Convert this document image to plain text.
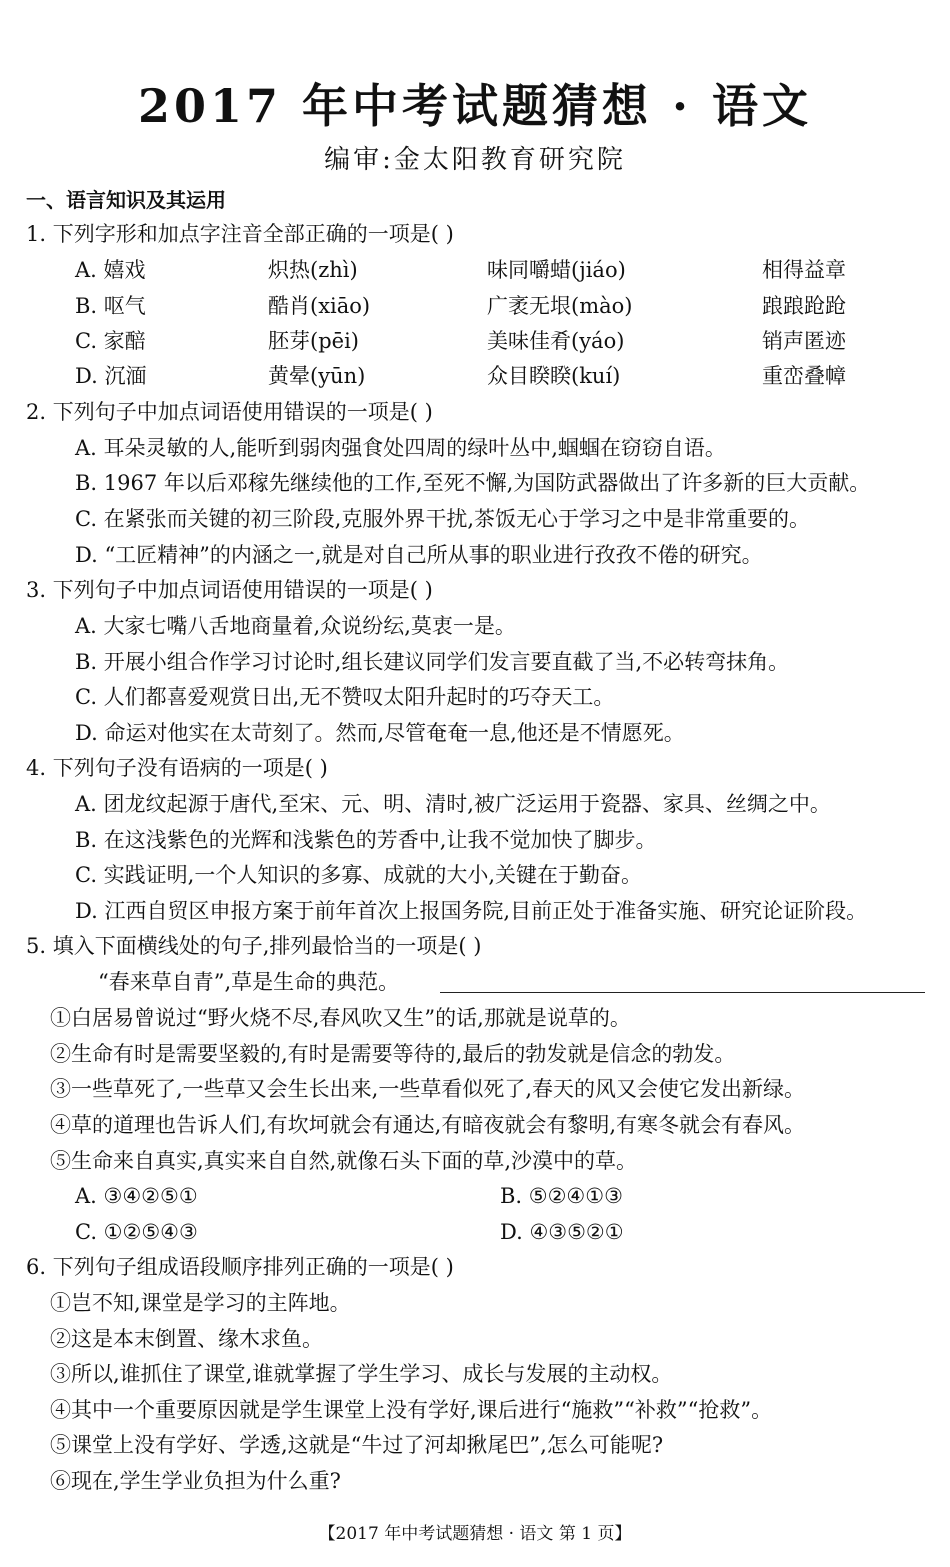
2017 年中考试题猜想 · 语文
编审:金太阳教育研究院
一、语言知识及其运用
1. 下列字形和加点字注音全部正确的一项是( )
A. 嬉戏	炽热(zhì)	味同嚼蜡(jiáo)	相得益章
B. 呕气	酷肖(xiāo)	广袤无垠(mào)	踉踉跄跄
C. 家醅	胚芽(pēi)	美味佳肴(yáo)	销声匿迹
D. 沉湎	黄晕(yūn)	众目睽睽(kuí)	重峦叠幛
2. 下列句子中加点词语使用错误的一项是( )
A. 耳朵灵敏的人,能听到弱肉强食处四周的绿叶丛中,蝈蝈在窃窃自语。
B. 1967 年以后邓稼先继续他的工作,至死不懈,为国防武器做出了许多新的巨大贡献。
C. 在紧张而关键的初三阶段,克服外界干扰,茶饭无心于学习之中是非常重要的。
D. “工匠精神”的内涵之一,就是对自己所从事的职业进行孜孜不倦的研究。
3. 下列句子中加点词语使用错误的一项是( )
A. 大家七嘴八舌地商量着,众说纷纭,莫衷一是。
B. 开展小组合作学习讨论时,组长建议同学们发言要直截了当,不必转弯抹角。
C. 人们都喜爱观赏日出,无不赞叹太阳升起时的巧夺天工。
D. 命运对他实在太苛刻了。然而,尽管奄奄一息,他还是不情愿死。
4. 下列句子没有语病的一项是( )
A. 团龙纹起源于唐代,至宋、元、明、清时,被广泛运用于瓷器、家具、丝绸之中。
B. 在这浅紫色的光辉和浅紫色的芳香中,让我不觉加快了脚步。
C. 实践证明,一个人知识的多寡、成就的大小,关键在于勤奋。
D. 江西自贸区申报方案于前年首次上报国务院,目前正处于准备实施、研究论证阶段。
5. 填入下面横线处的句子,排列最恰当的一项是( )
“春来草自青”,草是生命的典范。
①白居易曾说过“野火烧不尽,春风吹又生”的话,那就是说草的。
②生命有时是需要坚毅的,有时是需要等待的,最后的勃发就是信念的勃发。
③一些草死了,一些草又会生长出来,一些草看似死了,春天的风又会使它发出新绿。
④草的道理也告诉人们,有坎坷就会有通达,有暗夜就会有黎明,有寒冬就会有春风。
⑤生命来自真实,真实来自自然,就像石头下面的草,沙漠中的草。
A. ③④②⑤①	B. ⑤②④①③
C. ①②⑤④③	D. ④③⑤②①
6. 下列句子组成语段顺序排列正确的一项是( )
①岂不知,课堂是学习的主阵地。
②这是本末倒置、缘木求鱼。
③所以,谁抓住了课堂,谁就掌握了学生学习、成长与发展的主动权。
④其中一个重要原因就是学生课堂上没有学好,课后进行“施救”“补救”“抢救”。
⑤课堂上没有学好、学透,这就是“牛过了河却揪尾巴”,怎么可能呢?
⑥现在,学生学业负担为什么重?
【2017 年中考试题猜想 · 语文 第 1 页】
